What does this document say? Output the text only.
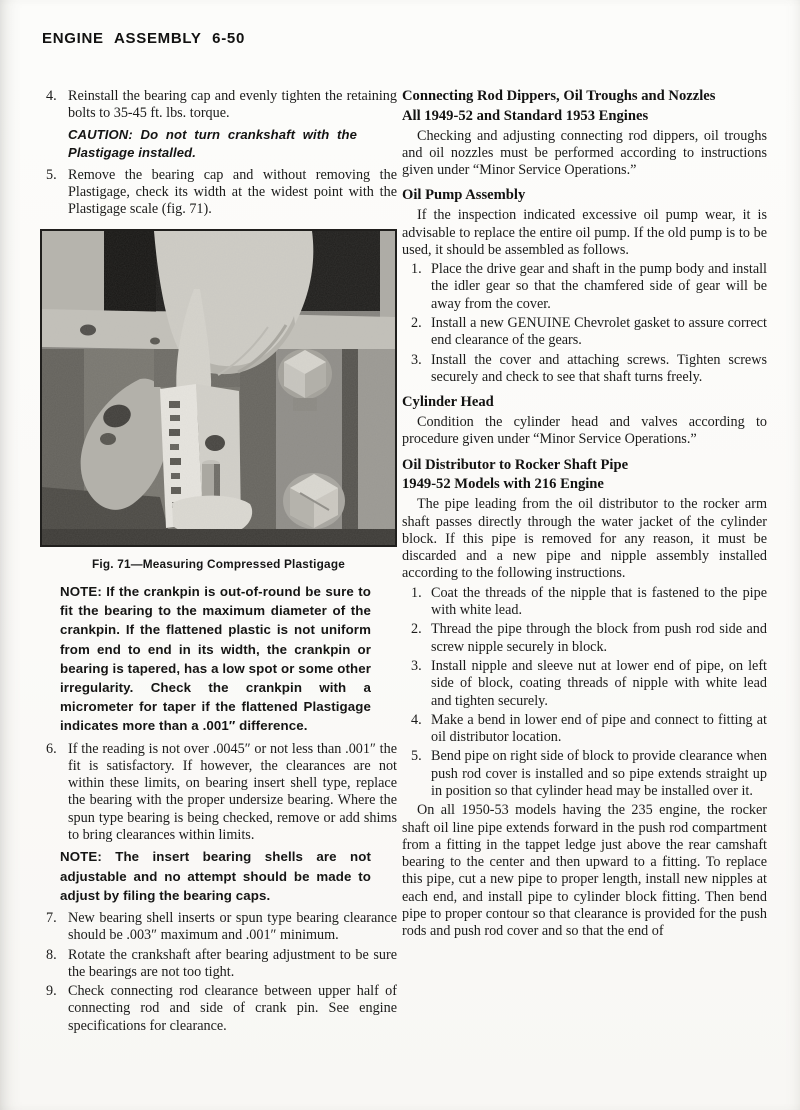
ENGINE ASSEMBLY 6-50
4. Reinstall the bearing cap and evenly tighten the retaining bolts to 35-45 ft. lbs. torque.
CAUTION: Do not turn crankshaft with the Plastigage installed.
5. Remove the bearing cap and without removing the Plastigage, check its width at the widest point with the Plastigage scale (fig. 71).
Fig. 71—Measuring Compressed Plastigage
NOTE: If the crankpin is out-of-round be sure to fit the bearing to the maximum diameter of the crankpin. If the flattened plastic is not uniform from end to end in its width, the crankpin or bearing is tapered, has a low spot or some other irregularity. Check the crankpin with a micrometer for taper if the flattened Plastigage indicates more than a .001″ difference.
6. If the reading is not over .0045″ or not less than .001″ the fit is satisfactory. If however, the clearances are not within these limits, on bearing insert shell type, replace the bearing with the proper undersize bearing. Where the spun type bearing is being checked, remove or add shims to bring clearances within limits.
NOTE: The insert bearing shells are not adjustable and no attempt should be made to adjust by filing the bearing caps.
7. New bearing shell inserts or spun type bearing clearance should be .003″ maximum and .001″ minimum.
8. Rotate the crankshaft after bearing adjustment to be sure the bearings are not too tight.
9. Check connecting rod clearance between upper half of connecting rod and side of crank pin. See engine specifications for clearance.
Connecting Rod Dippers, Oil Troughs and Nozzles
All 1949-52 and Standard 1953 Engines
Checking and adjusting connecting rod dippers, oil troughs and oil nozzles must be performed according to instructions given under “Minor Service Operations.”
Oil Pump Assembly
If the inspection indicated excessive oil pump wear, it is advisable to replace the entire oil pump. If the old pump is to be used, it should be assembled as follows.
1. Place the drive gear and shaft in the pump body and install the idler gear so that the chamfered side of gear will be away from the cover.
2. Install a new GENUINE Chevrolet gasket to assure correct end clearance of the gears.
3. Install the cover and attaching screws. Tighten screws securely and check to see that shaft turns freely.
Cylinder Head
Condition the cylinder head and valves according to procedure given under “Minor Service Operations.”
Oil Distributor to Rocker Shaft Pipe
1949-52 Models with 216 Engine
The pipe leading from the oil distributor to the rocker arm shaft passes directly through the water jacket of the cylinder block. If this pipe is removed for any reason, it must be discarded and a new pipe and nipple assembly installed according to the following instructions.
1. Coat the threads of the nipple that is fastened to the pipe with white lead.
2. Thread the pipe through the block from push rod side and screw nipple securely in block.
3. Install nipple and sleeve nut at lower end of pipe, on left side of block, coating threads of nipple with white lead and tighten securely.
4. Make a bend in lower end of pipe and connect to fitting at oil distributor location.
5. Bend pipe on right side of block to provide clearance when push rod cover is installed and so pipe extends straight up in position so that cylinder head may be installed over it.
On all 1950-53 models having the 235 engine, the rocker shaft oil line pipe extends forward in the push rod compartment from a fitting in the tappet ledge just above the rear camshaft bearing to the center and then upward to a fitting. To replace this pipe, cut a new pipe to proper length, install new nipples at each end, and install pipe to cylinder block fitting. Then bend pipe to proper contour so that clearance is provided for the push rods and push rod cover and so that the end of
